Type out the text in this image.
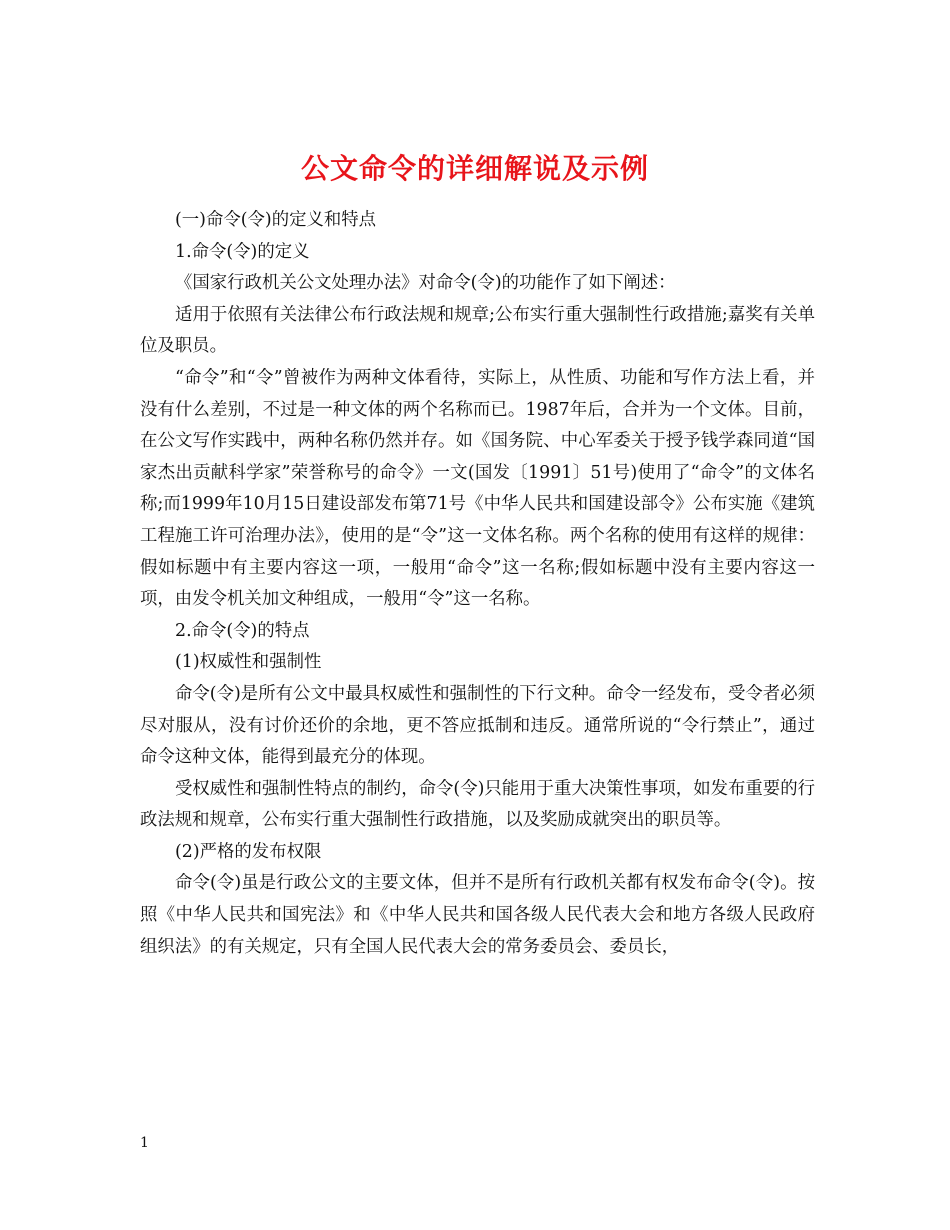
公文命令的详细解说及示例

(一)命令(令)的定义和特点

1.命令(令)的定义

《国家行政机关公文处理办法》对命令(令)的功能作了如下阐述：

适用于依照有关法律公布行政法规和规章;公布实行重大强制性行政措施;嘉奖有关单位及职员。

“命令”和“令”曾被作为两种文体看待，实际上，从性质、功能和写作方法上看，并没有什么差别，不过是一种文体的两个名称而已。1987年后，合并为一个文体。目前，在公文写作实践中，两种名称仍然并存。如《国务院、中心军委关于授予钱学森同道“国家杰出贡献科学家”荣誉称号的命令》一文(国发〔1991〕51号)使用了“命令”的文体名称;而1999年10月15日建设部发布第71号《中华人民共和国建设部令》公布实施《建筑工程施工许可治理办法》，使用的是“令”这一文体名称。两个名称的使用有这样的规律：假如标题中有主要内容这一项，一般用“命令”这一名称;假如标题中没有主要内容这一项，由发令机关加文种组成，一般用“令”这一名称。

2.命令(令)的特点

(1)权威性和强制性

命令(令)是所有公文中最具权威性和强制性的下行文种。命令一经发布，受令者必须尽对服从，没有讨价还价的余地，更不答应抵制和违反。通常所说的“令行禁止”，通过命令这种文体，能得到最充分的体现。

受权威性和强制性特点的制约，命令(令)只能用于重大决策性事项，如发布重要的行政法规和规章，公布实行重大强制性行政措施，以及奖励成就突出的职员等。

(2)严格的发布权限

命令(令)虽是行政公文的主要文体，但并不是所有行政机关都有权发布命令(令)。按照《中华人民共和国宪法》和《中华人民共和国各级人民代表大会和地方各级人民政府组织法》的有关规定，只有全国人民代表大会的常务委员会、委员长，

1
